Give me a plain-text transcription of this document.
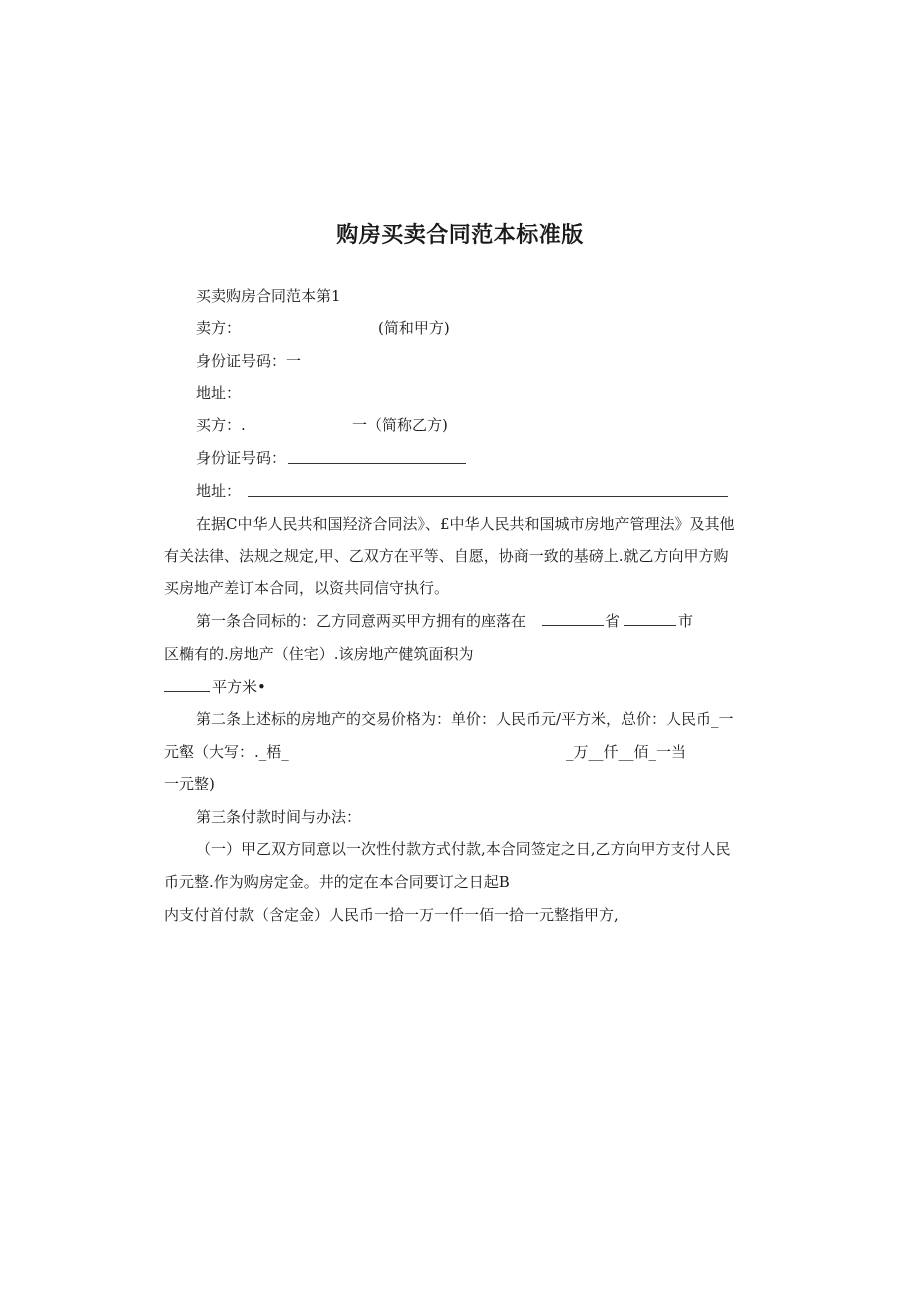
购房买卖合同范本标准版
买卖购房合同范本第1
卖方：	(简和甲方)
身份证号码：一
地址：
买方：.	一（简称乙方)
身份证号码：
地址：
在据C中华人民共和国羟济合同法》、£中华人民共和国城市房地产管理法》及其他
有关法律、法规之规定,甲、乙双方在平等、自愿，协商一致的基磅上.就乙方向甲方购
买房地产差订本合同，以资共同信守执行。
第一条合同标的：乙方同意两买甲方拥有的座落在	省	市
区椭有的.房地产（住宅）.该房地产健筑面积为
平方米•
第二条上述标的房地产的交易价格为：单价：人民币元/平方米，总价：人民币_一
元壑（大写：._梧_	_万__仟__佰_一当
一元整)
第三条付款时间与办法：
（一）甲乙双方同意以一次性付款方式付款,本合同签定之日,乙方向甲方支付人民
币元整.作为购房定金。井的定在本合同要订之日起B
内支付首付款（含定金）人民币一拾一万一仟一佰一拾一元整指甲方,
